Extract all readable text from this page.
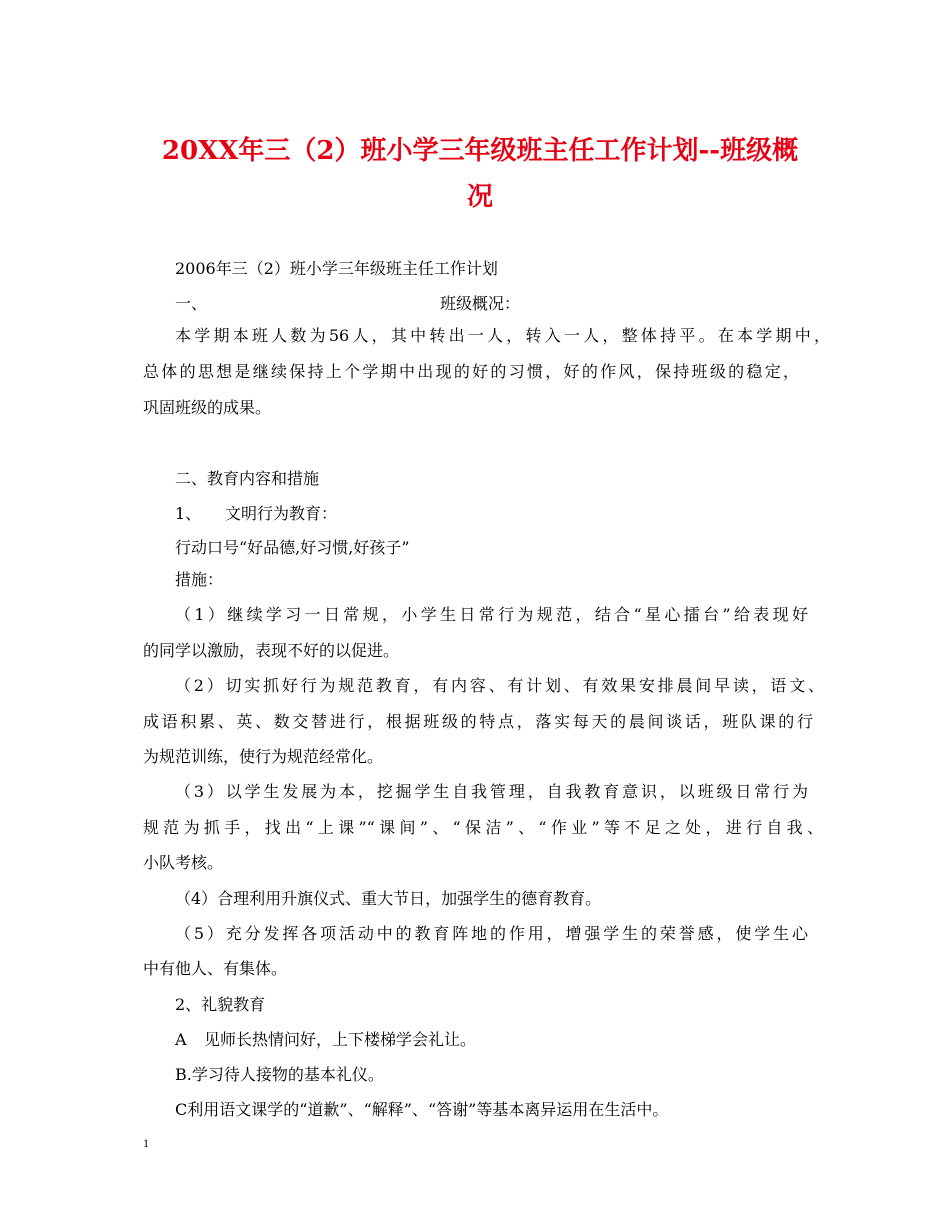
20XX年三（2）班小学三年级班主任工作计划--班级概
况
2006年三（2）班小学三年级班主任工作计划
一、	班级概况：
本学期本班人数为56人，其中转出一人，转入一人，整体持平。在本学期中，
总体的思想是继续保持上个学期中出现的好的习惯，好的作风，保持班级的稳定，
巩固班级的成果。
二、教育内容和措施
1、 文明行为教育：
行动口号“好品德,好习惯,好孩子”
措施：
（1）继续学习一日常规，小学生日常行为规范，结合“星心擂台”给表现好
的同学以激励，表现不好的以促进。
（2）切实抓好行为规范教育，有内容、有计划、有效果安排晨间早读，语文、
成语积累、英、数交替进行，根据班级的特点，落实每天的晨间谈话，班队课的行
为规范训练，使行为规范经常化。
（3）以学生发展为本，挖掘学生自我管理，自我教育意识，以班级日常行为
规范为抓手，找出“上课”“课间”、“保洁”、“作业”等不足之处，进行自我、
小队考核。
（4）合理利用升旗仪式、重大节日，加强学生的德育教育。
（5）充分发挥各项活动中的教育阵地的作用，增强学生的荣誉感，使学生心
中有他人、有集体。
2、礼貌教育
A 见师长热情问好，上下楼梯学会礼让。
B.学习待人接物的基本礼仪。
C利用语文课学的“道歉”、“解释”、“答谢”等基本离异运用在生活中。
1
